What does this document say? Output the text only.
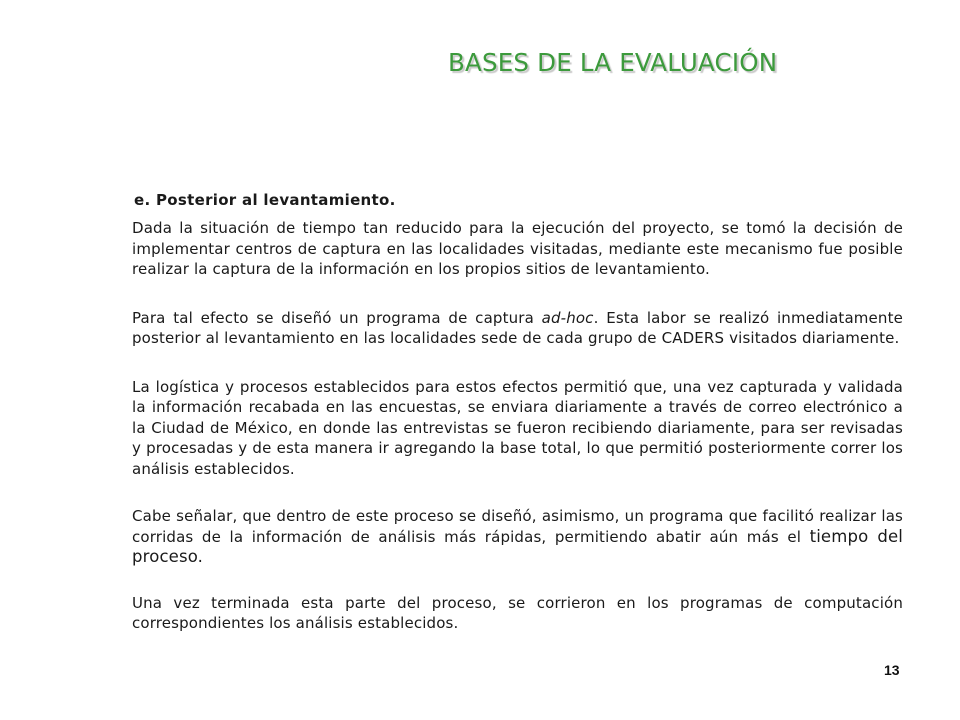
BASES DE LA EVALUACIÓN

e. Posterior al levantamiento.

Dada la situación de tiempo tan reducido para la ejecución del proyecto, se tomó la decisión de implementar centros de captura en las localidades visitadas, mediante este mecanismo fue posible realizar la captura de la información en los propios sitios de levantamiento.

Para tal efecto se diseñó un programa de captura ad-hoc. Esta labor se realizó inmediatamente posterior al levantamiento en las localidades sede de cada grupo de CADERS visitados diariamente.

La logística y procesos establecidos para estos efectos permitió que, una vez capturada y validada la información recabada en las encuestas, se enviara diariamente a través de correo electrónico a la Ciudad de México, en donde las entrevistas se fueron recibiendo diariamente, para ser revisadas y procesadas y de esta manera ir agregando la base total, lo que permitió posteriormente correr los análisis establecidos.

Cabe señalar, que dentro de este proceso se diseñó, asimismo, un programa que facilitó realizar las corridas de la información de análisis más rápidas, permitiendo abatir aún más el tiempo del proceso.

Una vez terminada esta parte del proceso, se corrieron en los programas de computación correspondientes los análisis establecidos.

13
